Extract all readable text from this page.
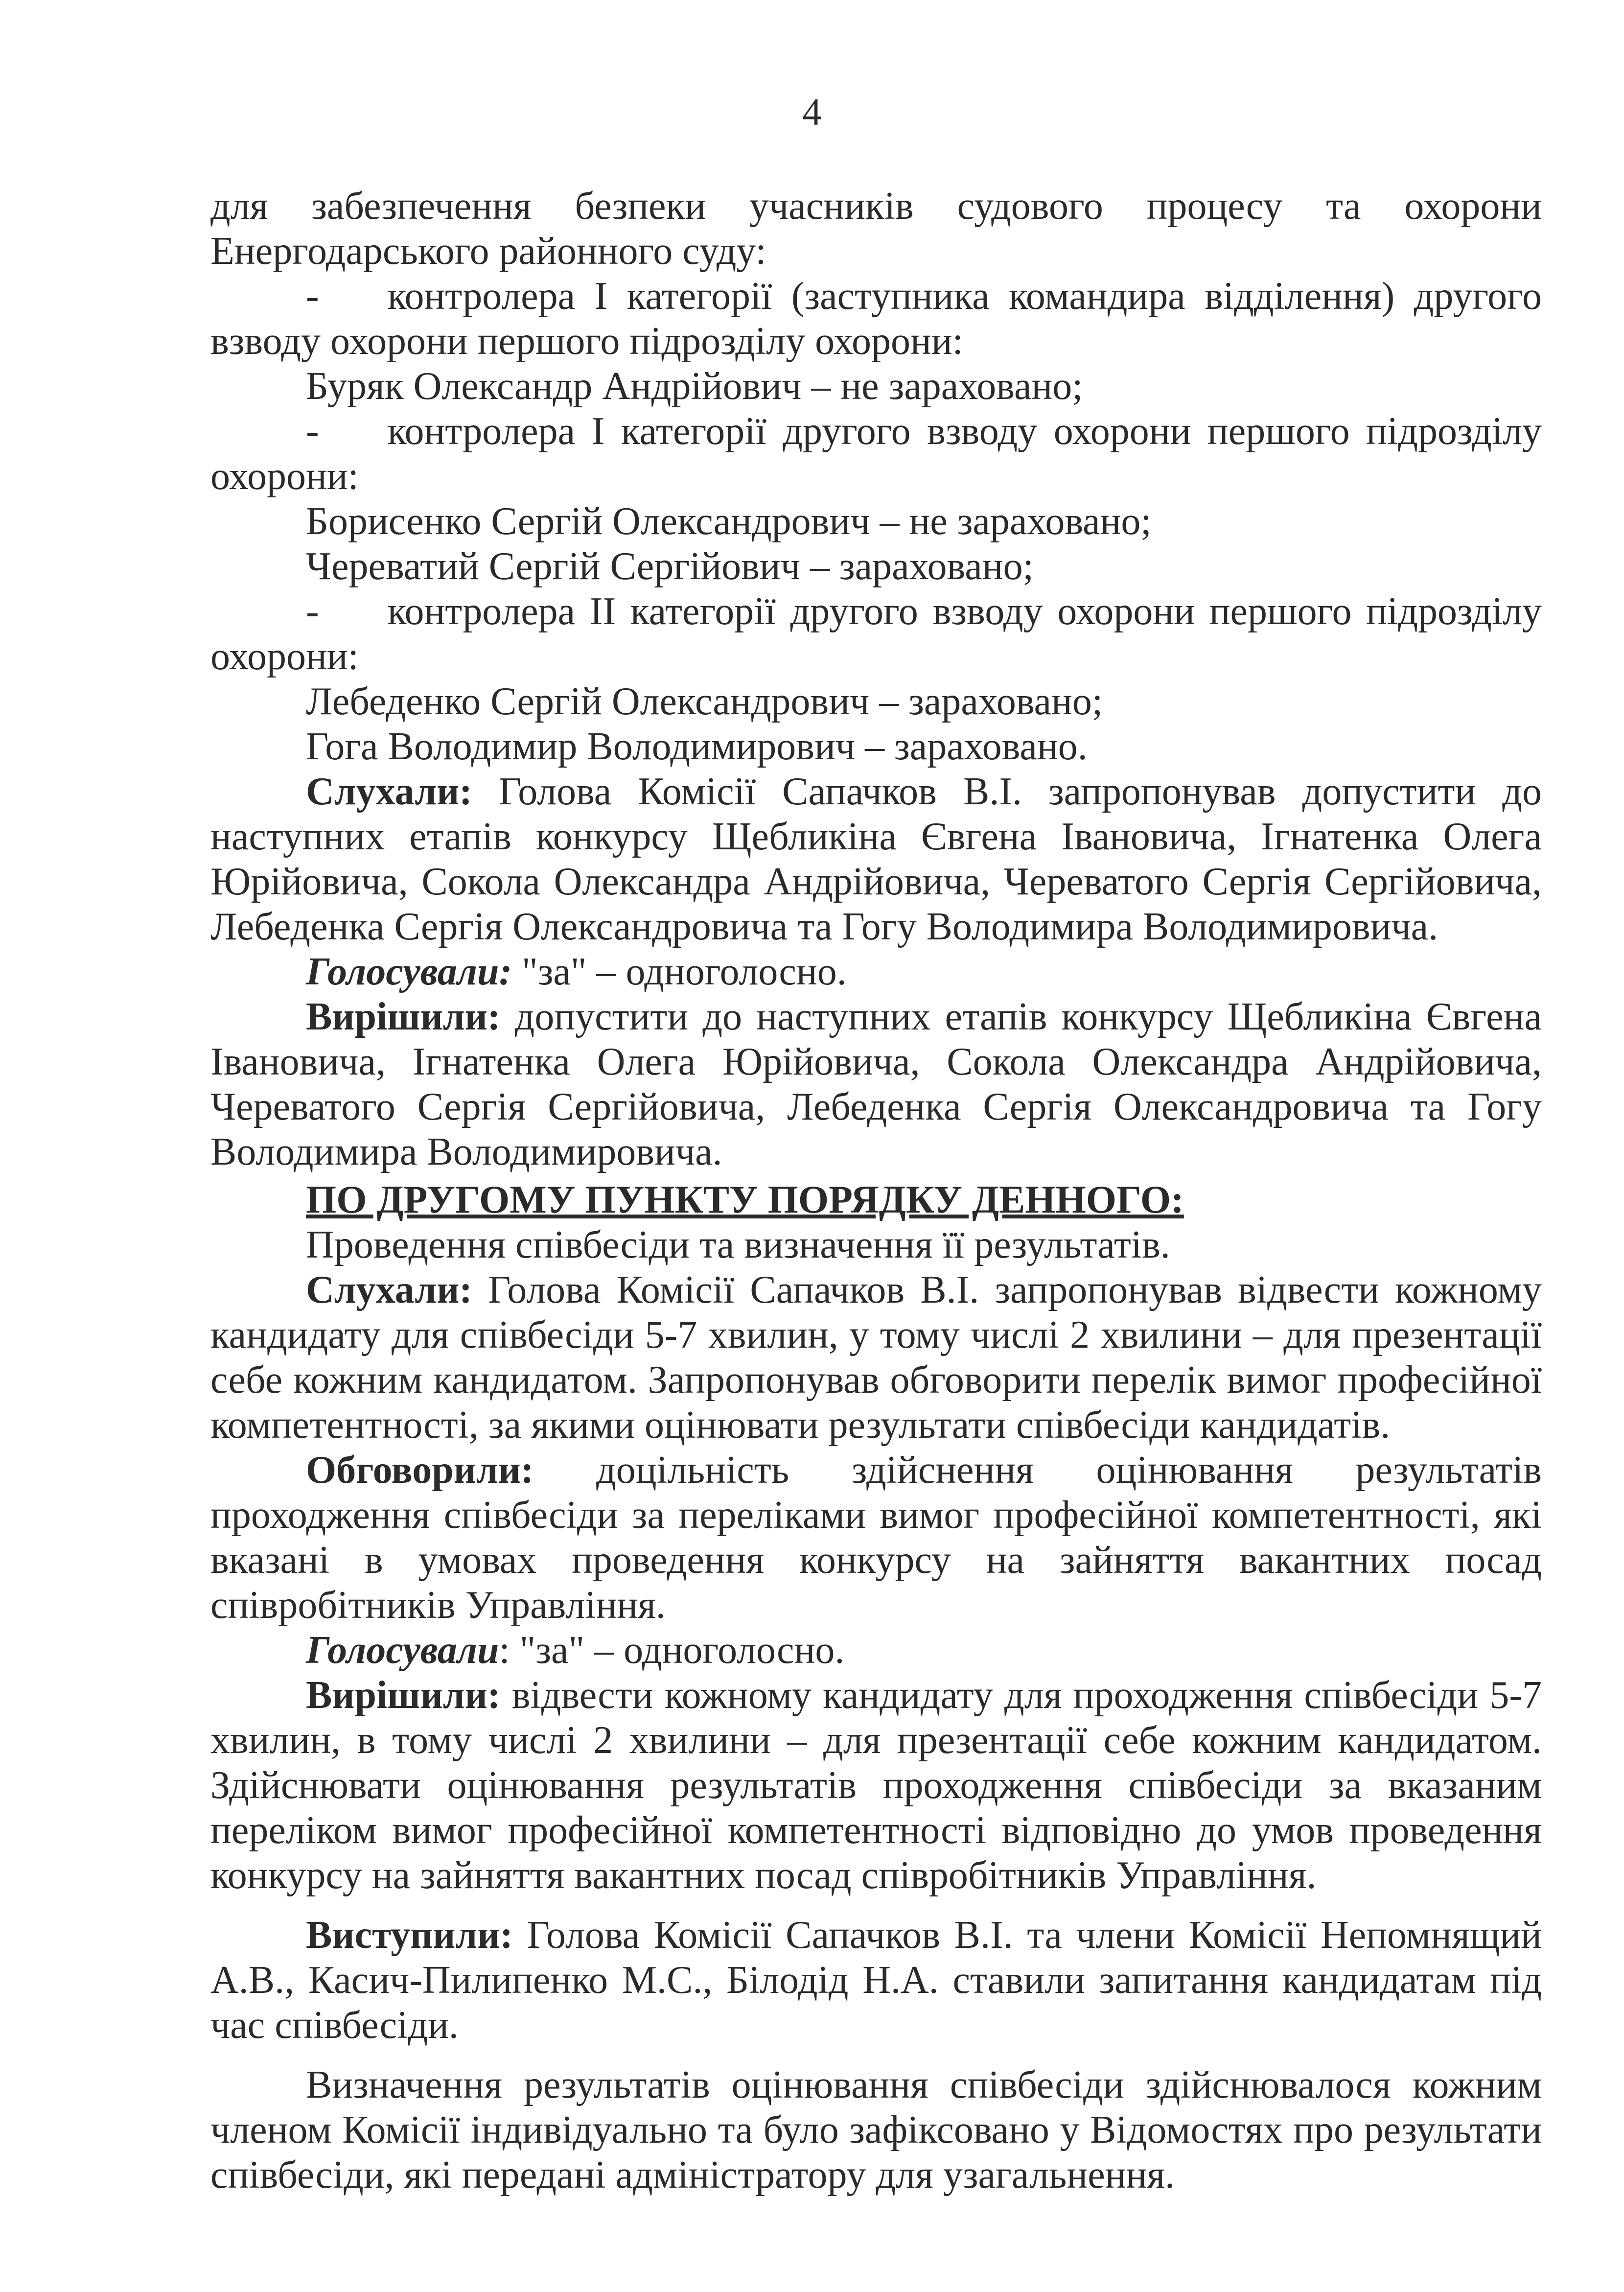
4

для забезпечення безпеки учасників судового процесу та охорони Енергодарського районного суду:

- контролера І категорії (заступника командира відділення) другого взводу охорони першого підрозділу охорони:

Буряк Олександр Андрійович – не зараховано;

- контролера І категорії другого взводу охорони першого підрозділу охорони:

Борисенко Сергій Олександрович – не зараховано;

Череватий Сергій Сергійович – зараховано;

- контролера ІІ категорії другого взводу охорони першого підрозділу охорони:

Лебеденко Сергій Олександрович – зараховано;

Гога Володимир Володимирович – зараховано.

Слухали: Голова Комісії Сапачков В.І. запропонував допустити до наступних етапів конкурсу Щебликіна Євгена Івановича, Ігнатенка Олега Юрійовича, Сокола Олександра Андрійовича, Череватого Сергія Сергійовича, Лебеденка Сергія Олександровича та Гогу Володимира Володимировича.

Голосували: "за" – одноголосно.

Вирішили: допустити до наступних етапів конкурсу Щебликіна Євгена Івановича, Ігнатенка Олега Юрійовича, Сокола Олександра Андрійовича, Череватого Сергія Сергійовича, Лебеденка Сергія Олександровича та Гогу Володимира Володимировича.

ПО ДРУГОМУ ПУНКТУ ПОРЯДКУ ДЕННОГО:

Проведення співбесіди та визначення її результатів.

Слухали: Голова Комісії Сапачков В.І. запропонував відвести кожному кандидату для співбесіди 5-7 хвилин, у тому числі 2 хвилини – для презентації себе кожним кандидатом. Запропонував обговорити перелік вимог професійної компетентності, за якими оцінювати результати співбесіди кандидатів.

Обговорили: доцільність здійснення оцінювання результатів проходження співбесіди за переліками вимог професійної компетентності, які вказані в умовах проведення конкурсу на зайняття вакантних посад співробітників Управління.

Голосували: "за" – одноголосно.

Вирішили: відвести кожному кандидату для проходження співбесіди 5-7 хвилин, в тому числі 2 хвилини – для презентації себе кожним кандидатом. Здійснювати оцінювання результатів проходження співбесіди за вказаним переліком вимог професійної компетентності відповідно до умов проведення конкурсу на зайняття вакантних посад співробітників Управління.

Виступили: Голова Комісії Сапачков В.І. та члени Комісії Непомнящий А.В., Касич-Пилипенко М.С., Білодід Н.А. ставили запитання кандидатам під час співбесіди.

Визначення результатів оцінювання співбесіди здійснювалося кожним членом Комісії індивідуально та було зафіксовано у Відомостях про результати співбесіди, які передані адміністратору для узагальнення.
